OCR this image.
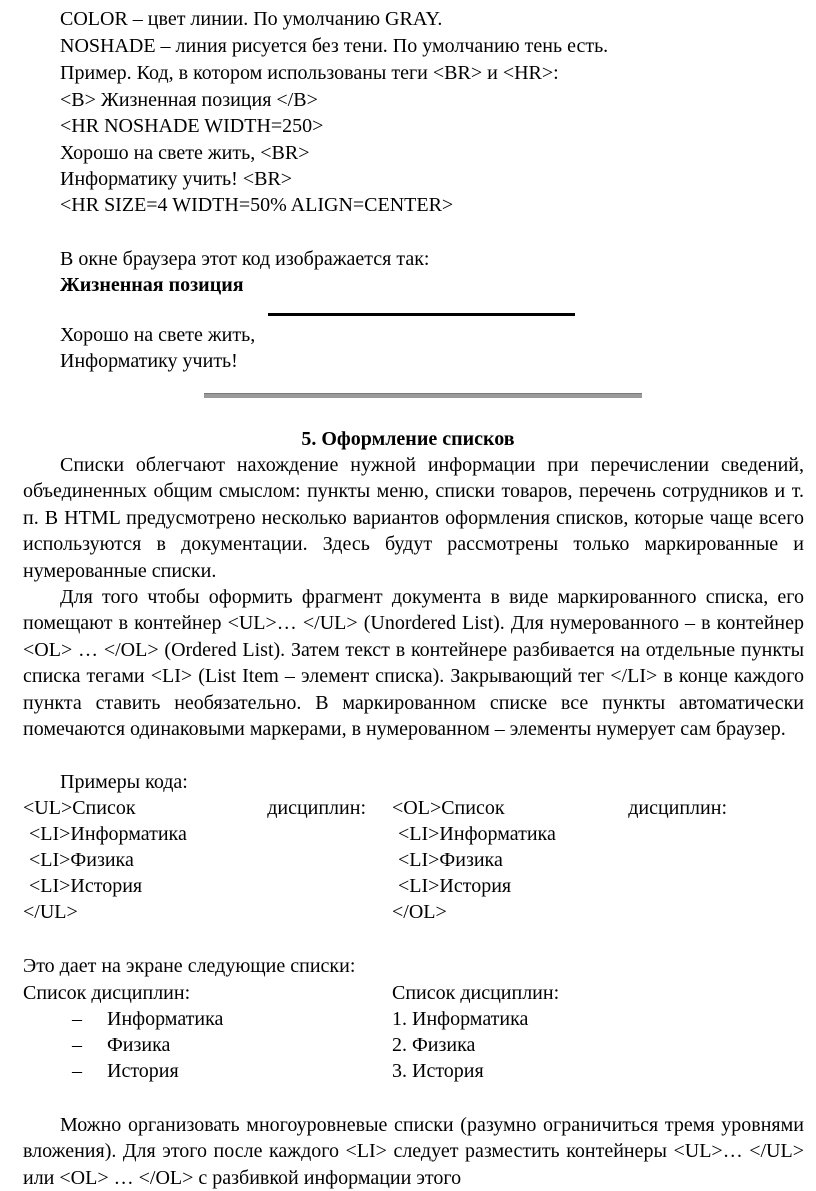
COLOR – цвет линии. По умолчанию GRAY.
NOSHADE – линия рисуется без тени. По умолчанию тень есть.
Пример. Код, в котором использованы теги <BR> и <HR>:
<B> Жизненная позиция </B>
<HR NOSHADE WIDTH=250>
Хорошо на свете жить, <BR>
Информатику учить! <BR>
<HR SIZE=4 WIDTH=50% ALIGN=CENTER>
В окне браузера этот код изображается так:
Жизненная позиция
Хорошо на свете жить,
Информатику учить!
5. Оформление списков

Списки облегчают нахождение нужной информации при перечислении сведений, объединенных общим смыслом: пункты меню, списки товаров, перечень сотрудников и т. п. В HTML предусмотрено несколько вариантов оформления списков, которые чаще всего используются в документации. Здесь будут рассмотрены только маркированные и нумерованные списки.

Для того чтобы оформить фрагмент документа в виде маркированного списка, его помещают в контейнер <UL>… </UL> (Unordered List). Для нумерованного – в контейнер <OL> … </OL> (Ordered List). Затем текст в контейнере разбивается на отдельные пункты списка тегами <LI> (List Item – элемент списка). Закрывающий тег </LI> в конце каждого пункта ставить необязательно. В маркированном списке все пункты автоматически помечаются одинаковыми маркерами, в нумерованном – элементы нумерует сам браузер.

Примеры кода:
<UL>Список	дисциплин:
<LI>Информатика
<LI>Физика
<LI>История
</UL>
<OL>Список	дисциплин:
<LI>Информатика
<LI>Физика
<LI>История
</OL>
Это дает на экране следующие списки:
Список дисциплин:
– Информатика
– Физика
– История
Список дисциплин:
1. Информатика
2. Физика
3. История

Можно организовать многоуровневые списки (разумно ограничиться тремя уровнями вложения). Для этого после каждого <LI> следует разместить контейнеры <UL>… </UL> или <OL> … </OL> с разбивкой информации этого
